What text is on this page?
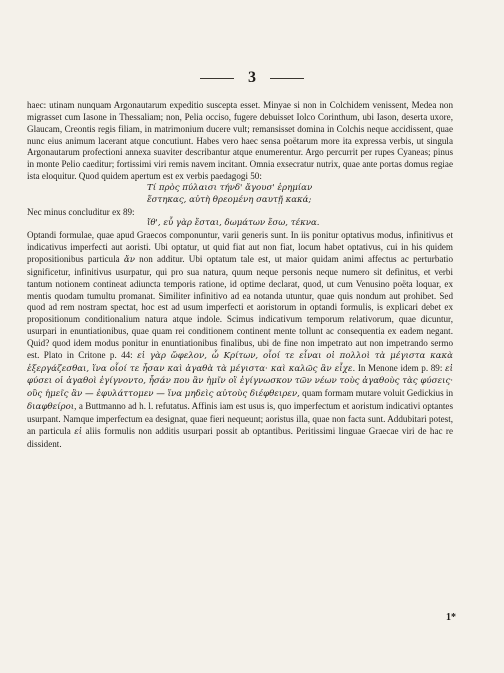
3

haec: utinam nunquam Argonautarum expeditio suscepta esset. Minyae si non in Colchidem venissent, Medea non migrasset cum Iasone in Thessaliam; non, Pelia occiso, fugere debuisset Iolco Corinthum, ubi Iason, deserta uxore, Glaucam, Creontis regis filiam, in matrimonium ducere vult; remansisset domina in Colchis neque accidissent, quae nunc eius animum lacerant atque concutiunt. Habes vero haec sensa poëtarum more ita expressa verbis, ut singula Argonautarum profectioni annexa suaviter describantur atque enumerentur. Argo percurrit per rupes Cyaneas; pinus in monte Pelio caeditur; fortissimi viri remis navem incitant. Omnia exsecratur nutrix, quae ante portas domus regiae ista eloquitur. Quod quidem apertum est ex verbis paedagogi 50:

Τί πρὸς πύλαισι τήνδ' ἄγουσ' ἐρημίαν

ἕστηκας, αὐτὴ θρεομένη σαυτῇ κακά;

Nec minus concluditur ex 89:

ἴθ', εὖ γὰρ ἔσται, δωμάτων ἔσω, τέκνα.

Optandi formulae, quae apud Graecos componuntur, varii generis sunt. In iis ponitur optativus modus, infinitivus et indicativus imperfecti aut aoristi. Ubi optatur, ut quid fiat aut non fiat, locum habet optativus, cui in his quidem propositionibus particula ἄν non additur. Ubi optatum tale est, ut maior quidam animi affectus ac perturbatio significetur, infinitivus usurpatur, qui pro sua natura, quum neque personis neque numero sit definitus, et verbi tantum notionem contineat adiuncta temporis ratione, id optime declarat, quod, ut cum Venusino poëta loquar, ex mentis quodam tumultu promanat. Similiter infinitivo ad ea notanda utuntur, quae quis nondum aut prohibet. Sed quod ad rem nostram spectat, hoc est ad usum imperfecti et aoristorum in optandi formulis, is explicari debet ex propositionum conditionalium natura atque indole. Scimus indicativum temporum relativorum, quae dicuntur, usurpari in enuntiationibus, quae quam rei conditionem continent mente tollunt ac consequentia ex eadem negant. Quid? quod idem modus ponitur in enuntiationibus finalibus, ubi de fine non impetrato aut non impetrando sermo est. Plato in Critone p. 44: εἰ γὰρ ὤφελον, ὦ Κρίτων, οἷοί τε εἶναι οἱ πολλοὶ τὰ μέγιστα κακὰ ἐξεργάζεσθαι, ἵνα οἷοί τε ἦσαν καὶ ἀγαθὰ τὰ μέγιστα· καὶ καλῶς ἂν εἶχε. In Menone idem p. 89: εἰ φύσει οἱ ἀγαθοὶ ἐγίγνοντο, ἦσάν που ἂν ἡμῖν οἳ ἐγίγνωσκον τῶν νέων τοὺς ἀγαθοὺς τὰς φύσεις· οὓς ἡμεῖς ἂν — ἐφυλάττομεν — ἵνα μηδεὶς αὐτοὺς διέφθειρεν, quam formam mutare voluit Gedickius in διαφθείροι, a Buttmanno ad h. l. refutatus. Affinis iam est usus is, quo imperfectum et aoristum indicativi optantes usurpant. Namque imperfectum ea designat, quae fieri nequeunt; aoristus illa, quae non facta sunt. Addubitari potest, an particula εἰ aliis formulis non additis usurpari possit ab optantibus. Peritissimi linguae Graecae viri de hac re dissident.

1*
